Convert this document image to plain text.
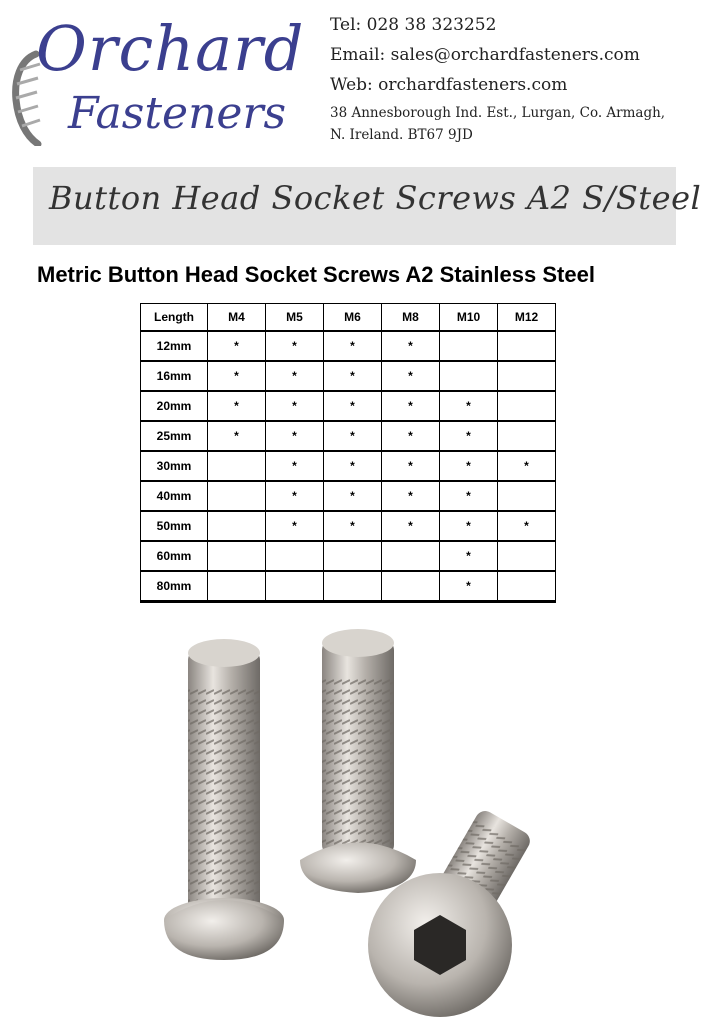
Orchard
Fasteners
Tel: 028 38 323252
Email: sales@orchardfasteners.com
Web: orchardfasteners.com
38 Annesborough Ind. Est., Lurgan, Co. Armagh,
N. Ireland. BT67 9JD
Button Head Socket Screws A2 S/Steel
Metric Button Head Socket Screws A2 Stainless Steel
Length	M4	M5	M6	M8	M10	M12
12mm	*	*	*	*		
16mm	*	*	*	*		
20mm	*	*	*	*	*	
25mm	*	*	*	*	*	
30mm		*	*	*	*	*
40mm		*	*	*	*	
50mm		*	*	*	*	*
60mm					*	
80mm					*	
